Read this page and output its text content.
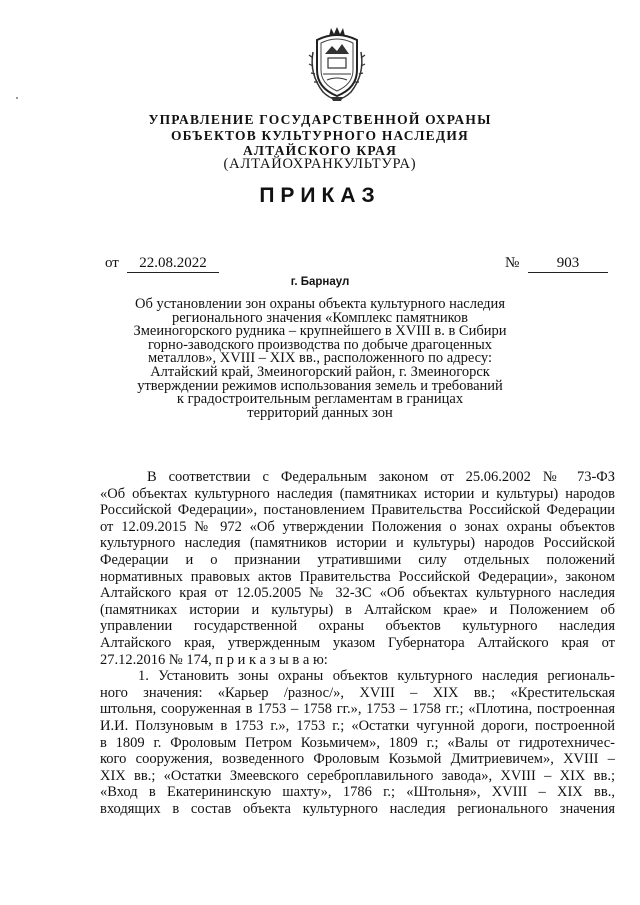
УПРАВЛЕНИЕ ГОСУДАРСТВЕННОЙ ОХРАНЫ
ОБЪЕКТОВ КУЛЬТУРНОГО НАСЛЕДИЯ
АЛТАЙСКОГО КРАЯ
(АЛТАЙОХРАНКУЛЬТУРА)
ПРИКАЗ
от	22.08.2022	№	903
г. Барнаул
Об установлении зон охраны объекта культурного наследия
регионального значения «Комплекс памятников
Змеиногорского рудника – крупнейшего в XVIII в. в Сибири
горно-заводского производства по добыче драгоценных
металлов», XVIII – XIX вв., расположенного по адресу:
Алтайский край, Змеиногорский район, г. Змеиногорск
утверждении режимов использования земель и требований
к градостроительным регламентам в границах
территорий данных зон
В соответствии с Федеральным законом от 25.06.2002 № 73-ФЗ
«Об объектах культурного наследия (памятниках истории и культуры) народов
Российской Федерации», постановлением Правительства Российской Федерации
от 12.09.2015 № 972 «Об утверждении Положения о зонах охраны объектов
культурного наследия (памятников истории и культуры) народов Российской
Федерации и о признании утратившими силу отдельных положений
нормативных правовых актов Правительства Российской Федерации», законом
Алтайского края от 12.05.2005 № 32-ЗС «Об объектах культурного наследия
(памятниках истории и культуры) в Алтайском крае» и Положением об
управлении государственной охраны объектов культурного наследия
Алтайского края, утвержденным указом Губернатора Алтайского края от
27.12.2016 № 174, п р и к а з ы в а ю:
1. Установить зоны охраны объектов культурного наследия региональ-
ного значения: «Карьер /разнос/», XVIII – XIX вв.; «Крестительская
штольня, сооруженная в 1753 – 1758 гг.», 1753 – 1758 гг.; «Плотина, построенная
И.И. Ползуновым в 1753 г.», 1753 г.; «Остатки чугунной дороги, построенной
в 1809 г. Фроловым Петром Козьмичем», 1809 г.; «Валы от гидротехничес-
кого сооружения, возведенного Фроловым Козьмой Дмитриевичем», XVIII –
XIX вв.; «Остатки Змеевского сереброплавильного завода», XVIII – XIX вв.;
«Вход в Екатерининскую шахту», 1786 г.; «Штольня», XVIII – XIX вв.,
входящих в состав объекта культурного наследия регионального значения
